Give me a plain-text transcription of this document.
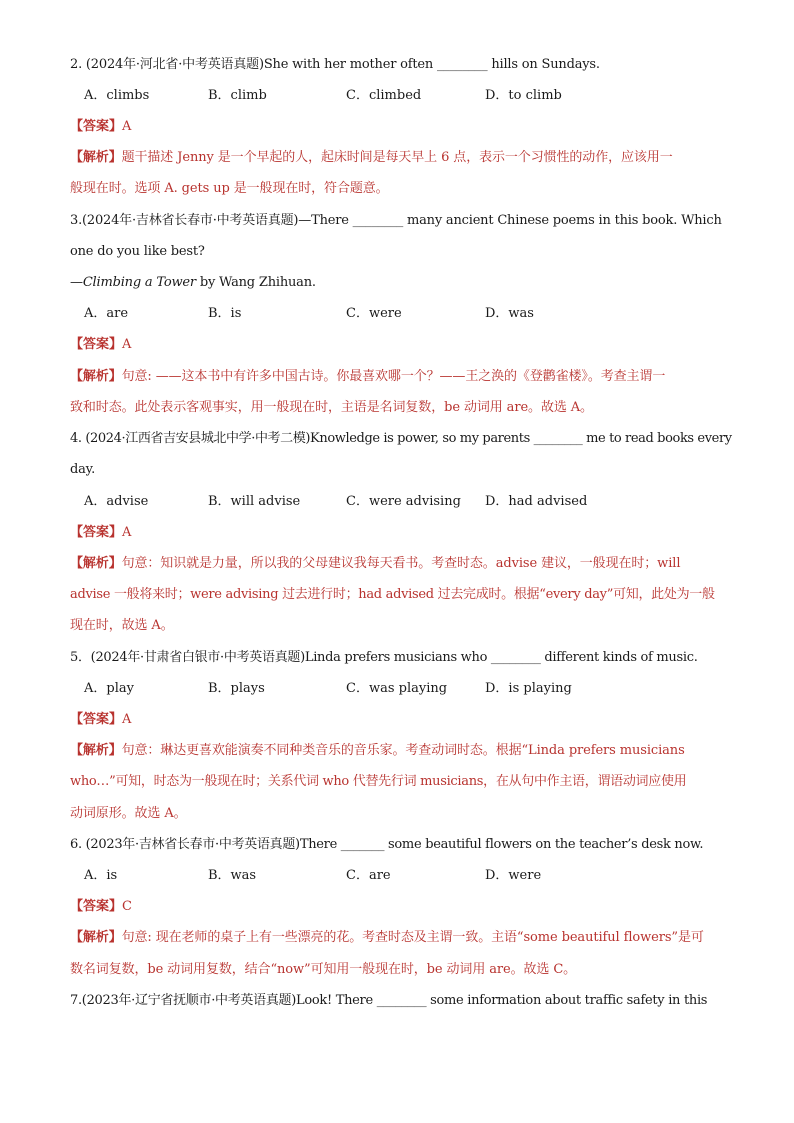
2. (2024年·河北省·中考英语真题)She with her mother often ________ hills on Sundays.
A．climbs	B．climb	C．climbed	D．to climb
【答案】A
【解析】题干描述 Jenny 是一个早起的人，起床时间是每天早上 6 点，表示一个习惯性的动作，应该用一
般现在时。选项 A. gets up 是一般现在时，符合题意。
3.(2024年·吉林省长春市·中考英语真题)—There ________ many ancient Chinese poems in this book. Which
one do you like best?
—Climbing a Tower by Wang Zhihuan.
A．are	B．is	C．were	D．was
【答案】A
【解析】句意: ——这本书中有许多中国古诗。你最喜欢哪一个？——王之涣的《登鹳雀楼》。考查主谓一
致和时态。此处表示客观事实，用一般现在时，主语是名词复数，be 动词用 are。故选 A。
4. (2024·江西省吉安县城北中学·中考二模)Knowledge is power, so my parents ________ me to read books every
day.
A．advise	B．will advise	C．were advising D．had advised
【答案】A
【解析】句意：知识就是力量，所以我的父母建议我每天看书。考查时态。advise 建议，一般现在时；will
advise 一般将来时；were advising 过去进行时；had advised 过去完成时。根据“every day”可知，此处为一般
现在时，故选 A。
5．(2024年·甘肃省白银市·中考英语真题)Linda prefers musicians who ________ different kinds of music.
A．play	B．plays	C．was playing	D．is playing
【答案】A
【解析】句意：琳达更喜欢能演奏不同种类音乐的音乐家。考查动词时态。根据“Linda prefers musicians
who…”可知，时态为一般现在时；关系代词 who 代替先行词 musicians，在从句中作主语，谓语动词应使用
动词原形。故选 A。
6. (2023年·吉林省长春市·中考英语真题)There _______ some beautiful flowers on the teacher’s desk now.
A．is	B．was	C．are	D．were
【答案】C
【解析】句意: 现在老师的桌子上有一些漂亮的花。考查时态及主谓一致。主语“some beautiful flowers”是可
数名词复数，be 动词用复数，结合“now”可知用一般现在时，be 动词用 are。故选 C。
7.(2023年·辽宁省抚顺市·中考英语真题)Look! There ________ some information about traffic safety in this
